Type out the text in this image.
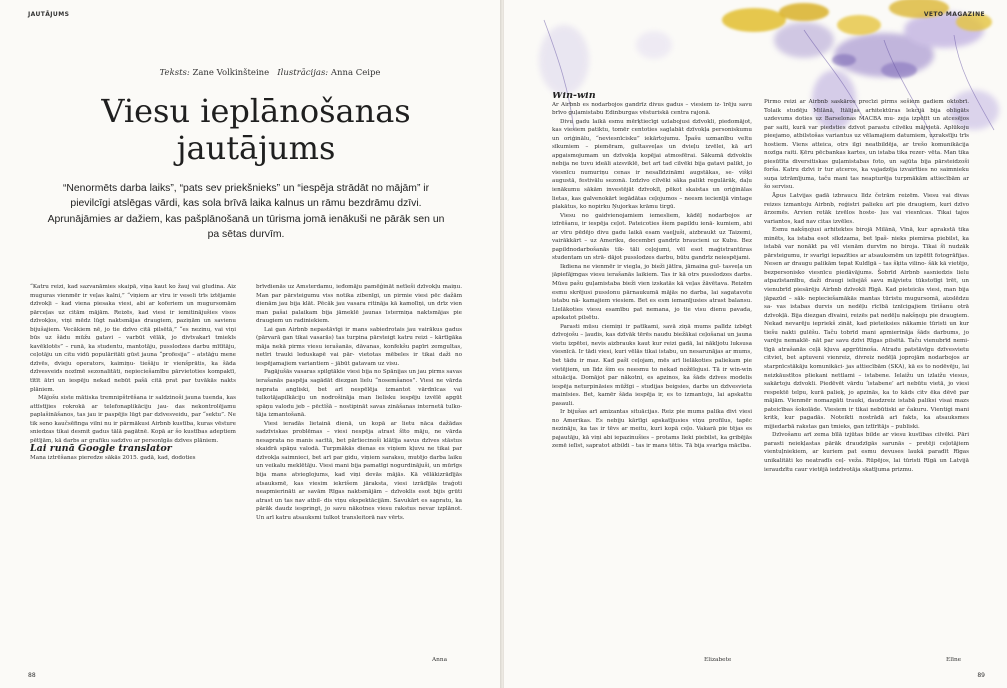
JAUTĀJUMS
Teksts: Zane Volkinšteine Ilustrācijas: Anna Ceipe
Viesu ieplānošanas
jautājums
“Nenormēts darba laiks”, “pats sev priekšnieks” un “iespēja strādāt no mājām” ir pievilcīgi atslēgas vārdi, kas sola brīvā laika kalnus un rāmu bezdrāmu dzīvi. Aprunājāmies ar dažiem, kas pašplānošanā un tūrisma jomā ienākuši ne pārāk sen un pa sētas durvīm.

“Katru reizi, kad sazvanāmies skaipā, viņa kaut ko žauj vai gludina. Aiz muguras vienmēr ir veļas kalni,” “viņiem ar vīru ir veseli trīs iztējamie dzīvokļi – kad viena piesaka viesi, abi ar koferiem un mugursomām pārceļas uz citām mājām. Reizēs, kad viesi ir iemitinājušies visos dzīvokļos, viņi mēdz lūgt naktsmājas draugiem, paziņām un savienu bijušajiem. Vecākiem nē, jo tie dzīvo citā pilsētā,” “es nezinu, vai viņi būs uz šādu mūžu gatavi – varbūt vēlāk, jo divtvakarī tmiekls kavēklotēs” – runā, ka studentu, mantotāju, pusslodzes darbu mītītāju, ceļotāju un citu vidū populāritāti gūst jauna “profesija” – atstāģu mene dzīvēs, dvieju operators, kaimiņu- tiešāju ir vienšprātis, ka šāda dzīvesveids nozīmē sezonalitāti, nepieciešamību pārvietoties kompaktī, tītīt ātri un iespēju nekad nebūt pašā citā prat par tuvākās nakts plāniem.

Mājošu siste mātiska tremnipštrēšana ir saldzinoši jauna tuenda, kas attīstījies rokrokā ar telefonaplikāciju jau- das nekontrolējamu paplašināšanos, tas jau ir paspējis lūgt par dzīvesveidu, par “sektu”. Ne tik seno kaučsēfinga vilni nu ir pārmākusi Airbnb kustība, kuras vēsture sniedzas tikai desmit gadus tālā pagātnē. Kopā ar šo kustības adeptiem pētījām, kā darbs ar grafiku sadzīvo ar personīgās dzīves plāniem.

Lai runā Google translator

Mana iztrēšanas pieredze sākās 2015. gadā, kad, dodoties

brīvdienās uz Amsterdamu, ieđomāju pamēģināt netīeši dzīvokļu maiņu. Man par pārsteigumu viss notika zibenīgi, un pirmie viesi pēc dažām dienām jau bija klāt. Pēcāk jau vasara ritināja kā kamolīņi, un drīz vien man pašai palaikam bija jāmeklē jaunas īstermiņa naktsmājas pie draugiem un radiniekiem.

Lai gan Airbnb nepastāvīgi ir mans sabiedrotais jau vairākus gadus (pārvarā gan tikai vasarās) tas turpina pārsteigt katru reizi – kārtīgāka māja nekā pirms viesu ierašanās, dāvanas, konfekšu papīri zemgultas, netīri trauki leduskapē vai pār- vietotas mēbeles ir tikai daži no iespējamajiem variantiem – jābūt gatavam uz visu.

Pagājušās vasaras spilgtākie viesi bija no Spānijas un jau pirms savas ierašanās paspēja sagādāt diezgan lielu “nosemšanos”. Viesi ne vārda neprata angliski, bet arī nespēlēja izmantot vārdnīcas vai tulkotājapilkāciju un nodrošināja man lielisku iespēju izvēlē apgūt spāņu valodu jeb – pēctīšā – nostipināt savas zināšanas internetā tulko- tāja izmantošanā.

Viesi ieradās lietainā dienā, un kopā ar lietu nāca dažādas sadzīviskas problēmas – viesi nespēja atrast šīto māju, ne vārda nesaprata no manis sacītā, bet pārliecinoši klātīja savus dzīves stāstus skaidrā spāņu valodā. Turpmākās dienas es viņiem kļuvu ne tikai par dzīvokļa saimnieci, bet arī par gidu, viņiem saraksu, mutējo darba laiku un veikalu meklētāju. Viesi mani bija pamatīgi nogurdinājuši, un mūrīgs bija mans atvieglojums, kad viņi devās mājās. Kā vēlākizrādījās atsauksmē, kas viesim iekrišem jāraksta, viesi izrādījās traģoti neapmierināti ar savām Rīgas naktsmājām – dzīvoklis esot bijis grūti atrast un tas nav atbil- dis viņu ekspektācijām. Savukārt es sapratu, ka pārāk daudz iespringt, jo savu nākotnes viesu rakstus nevar izplānot. Un arī katru atsauksmi tulkot transleitorā nav vērts.

Anna
88
VETO MAGAZINE

Win-win

Ar Airbnb es nodarbojos gandrīz divus gadus – viesiem iz- īrēju savu brīvo guļamistabu Edinburgas vēsturiskā centra rajonā.

Divu gadu laikā esmu mērķtiecīgi uzlabojusi dzīvokli, piedomājot, kas viesiem patiktu, tomēr centoties saglabāt dzīvokļa personiskumu un oriģinālu, “neviesnīcisku” iekārtojumu. Īpašu uzmanību veltu sīkumiem – piemēram, gultasveļas un dvieļu izvēlei, kā arī apgaismojumam un dzīvokļa kopējai atmosfērai. Sākumā dzīvoklis nebija ne tuvu ideāli aizsviklē, bet arī tad cilvēki bija gatavi palikt, jo viesnīcu numuriņu cenas ir nesalīdzināmi augstākas, se- višķi augustā, festivālu sezonā. Izdzīvo cilvēki sāka palikt regulārāk, daļu ienākumu sākām investējāt dzīvoklī, pēkot skaistas un oriģinālas lietas, kas galvenokārt iegādātas ceļojumos – neesm iecienījā vintage plakātus, ko nopirku Ņujorkas krāmu tirgū.

Viesu no gaidvienojamiem iemesliem, kādēļ nodarbojos ar izīrēšanu, ir iespēja ceļot. Pateicoties šiem papildu ienā- kumiem, abi ar vīru pēdējo divu gadu laikā esam vaeļjuši, aizbraukt uz Taizemi, vairākkārt – uz Ameriku, decembri gandrīz braucieni uz Kubu. Bez papildnodarbošanās tik- tāli ceļojumi, vēl esot maģistrantūras studentam un strā- dājot pusslodzes darbu, būtu gandrīz neiespējami.

Ikdiena ne vienmēr ir viegla, jo bieži jātīra, jāmaina gul- tasveļa un jāpiefājmgas viesu ierašanās laikiem. Tas ir kā otrs pusslodzes darbs. Mūsu pašu guļamistaba bieži vien izskatās kā veļas žāvētava. Reizēm esmu skrējusi pusslonu pārnaukumā mājās no darba, lai sagatavotu istabu nā- kamajiem viesiem. Bet es esm iemanījusies atrast balansu. Lielākoties viesu esamību pat nemana, jo tie visu dienu pavada, apskatot pilsētu.

Parasti mūsu ciemiņi ir patīkami, savā ziņā mums palīdz izbēgt dzīvojošu – ļaudis, kas dzīvāk tērēs naudu biežākai ceļošanai un jauna vietu izpētei, nevis aizbrauks kaut kur reizi gadā, lai nākljotu luksusa viesnīcā. Ir tādi viesi, kuri vēlās tikai istabu, un nesarunājas ar mums, bet tādu ir maz. Kad pašī ceļojam, mēs arī lielākoties paliekam pie vietējiem, un līdz šim es neesmu to nekad nožēlojusi. Tā ir win-win situācija. Domājot par nākotni, es apzinos, ka šāds dzīves modelis iespēja neturpināsies mūžīgi – studijas beigsies, darbs un dzīvesvieta mainīsies. Bet, kamēr šāda iespēja ir, es to izmantoju, lai apskattu pasauli.

Ir bijušas arī amizantas situācijas. Reiz pie mums palika divi viesi no Amerikas. Es nebiju kārtīgi apskatījusies viņu profilus, tapēc nezināju, ka tas ir tēvs ar meitu, kuri kopā ceļo. Vakarā pie tējas es pajautāju, kā viņi abi iepazinušies – protams lieki piebilst, ka gribējās zemē ielīst, sapratot atbildi – tas ir mans tētis. Tā bija svarīga mācība.

Elizabete

Pirmo reizi ar Airbnb saskāros precīzi pirms sešiem gadiem oktobrī. Tolaik studēju Milānā, Itālijas arhitektūras lekcijā bija obligāts uzdevums doties uz Barselonas MACBA mu- zeja izpētīt un atcesējos par saiti, kurā var piedsties dzīvot parastu cilvēku mājvietā. Aplūkoju pieejamo, atbilstošas variantus uz vēlamajiem datumiem, uzrakstīju trīs hostiem. Viens atteica, otrs ilgi neatbildēja, ar trešo komunikācija nozīga raiti. Ķēru pēcbankas kartes, un istaba tika rezer- vēta. Man tika piesūtīta diversitiskas guļamistabas foto, un sajūta bija pārsteidzoši forša. Katru dzīvi ir tur atceros, ka vajadzēja izvairīties no saimnieku suņa iztrāmījuma, taču mani tas neapturēja turpmākām attiecībām ar šo servisu.

Āpus Latvijas gadā izbraucu līdz četrām reizēm. Viesu vai divas reizes izmantoju Airbnb, reģistri palieku arī pie draugiem, kuri dzīvo ārzemēs. Arvien retāk izvēlos hoste- ļus vai viesnīcas. Tikai tajos variantos, kad nav citas izvēles.

Esmu nakšņojusi arhitektes birojā Milānā, Vīnā, kur aprakstā tika minēts, ka istaba esot sīkdzama, bet īpaš- nieks piemirsa piebilst, ka istabā var nonākt pa vēl vienām durvīm no biroja. Tikai šī nudzāk pārsteigumu, ir svarīgi iepazīties ar atsauksmēm un izpētīt fotogrāfijas. Nesen ar draugu palikām tepat Kuldīgā – tas šķita vilino- šāk kā vietējo, bezpersonisko viesnīcu piedāvājums. Šobrīd Airbnb sasniedzis lielu atpazīstamību, daži draugi ieliejāš savu mājvietu tūkstotīgi īrēt, un vienubrīd piesārēju Airbnb dzīvokli Rīgā. Kad pieteicās viesi, man bija jāpazūd – sāk- nepieciešamākās mantas tūristu mugursomā, aizslēdzu sa- vas istabas durvis un nedēļu rīcībā iznīcigajiem tīrišanu otrā dzīvokļā. Bija diezgan dīvaini, reizēs pat nedēļu nakšņoju pie draugiem. Nekad nevarēju iepriekš zināt, kad pieteiksies nākamie tūristi un kur tiešu nakti gulēšu. Taču tobrīd mani apmierināja šāds darbums, jo varēju nemaklē- nāt par savu dzīvi Rīgas pilsētā. Taču vienubrīd nemi- tīgā atrašanās ceļā kļuva apgrūtinoša. Atradu patstāvīgu dzīvesvietu citviet, bet aptuveni vienreiz, divreiz nedēļā joprojām nodarbojos ar starpnīcstākāju komunikāci- jas attiecībām (SKA), kā es to nodēvēju, lai neizkāustītos pliekani nettlami – istabene. Ielaižu un izlaižu viesus, sakārtoju dzīvokli. Piedēvēt vārdu ‘istabene’ arī nebūtu vietā, jo viesi respektē telpu, kurā palieķ, jo apzinās, ka to kāds citv ēka dēvē par mājām. Vienmēr nomazgāti trauki, daudzreiz istabā paliksi visai mazs pateicības šokolāde. Viesiem ir tikai nebūtiski ar čakuru. Vientigi mani kritk, kur pagadās. Noteikti nostrādā arī fakts, ka atsauksmes mijiedarbā rakstas gan tmieks, gan iztīrītājs – publiski.

Dzīvošanu arī zema bīlā izjūtas bilde ar viesu kustības cilvēki. Pāri parasti neiekļastas pārāk draudzīgās sarunās – pretēji ceļotājiem vientuļniekiem, ar kuriem pat esmu devuses laukā paradīt Rīgas unikalitāti ko neatradīs ceļ- veža. Rūpējos, lai tūristi Rīgā un Latvijā ieraudzītu caur vietējā iedzīvotāja skatījuma prizmu.

Elīne
89
